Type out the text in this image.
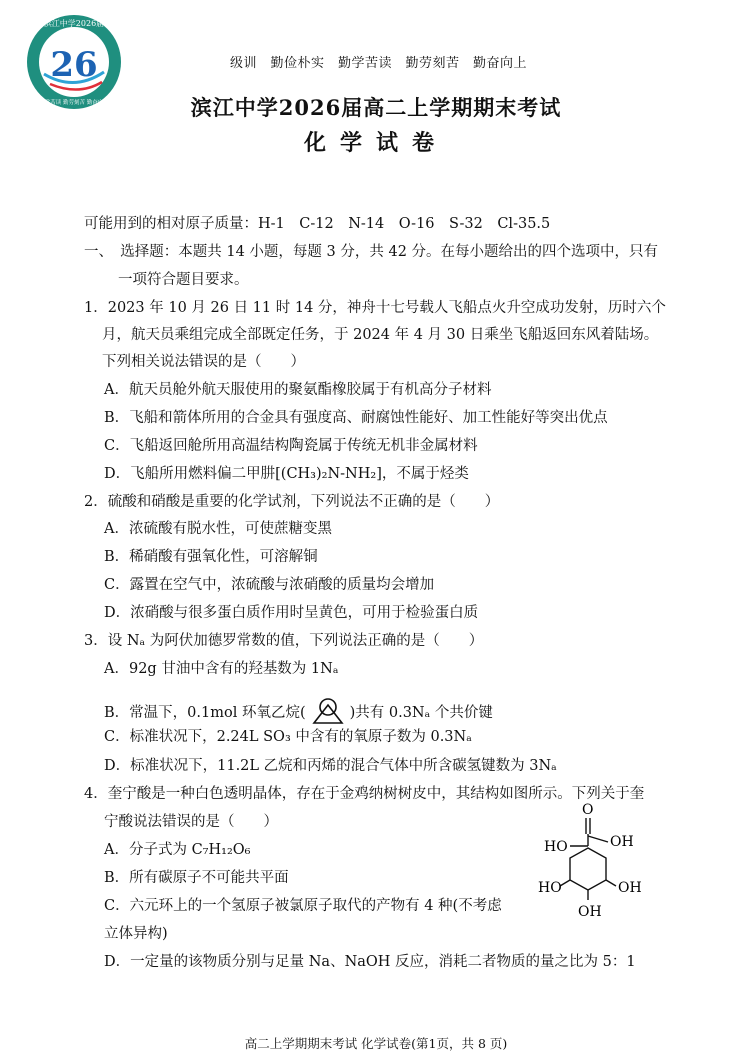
滨江中学2026届
勤学苦读 勤劳刻苦 勤奋向上
26	级训　勤俭朴实　勤学苦读　勤劳刻苦　勤奋向上
滨江中学2026届高二上学期期末考试
化学试卷
可能用到的相对原子质量：H-1　C-12　N-14　O-16　S-32　Cl-35.5
一、　选择题：本题共 14 小题，每题 3 分，共 42 分。在每小题给出的四个选项中，只有
一项符合题目要求。
1．2023 年 10 月 26 日 11 时 14 分，神舟十七号载人飞船点火升空成功发射，历时六个
月，航天员乘组完成全部既定任务，于 2024 年 4 月 30 日乘坐飞船返回东风着陆场。
下列相关说法错误的是（　　）
A．航天员舱外航天服使用的聚氨酯橡胶属于有机高分子材料
B．飞船和箭体所用的合金具有强度高、耐腐蚀性能好、加工性能好等突出优点
C．飞船返回舱所用高温结构陶瓷属于传统无机非金属材料
D．飞船所用燃料偏二甲肼[(CH₃)₂N-NH₂]，不属于烃类
2．硫酸和硝酸是重要的化学试剂，下列说法不正确的是（　　）
A．浓硫酸有脱水性，可使蔗糖变黑
B．稀硝酸有强氧化性，可溶解铜
C．露置在空气中，浓硫酸与浓硝酸的质量均会增加
D．浓硝酸与很多蛋白质作用时呈黄色，可用于检验蛋白质
3．设 Nₐ 为阿伏加德罗常数的值，下列说法正确的是（　　）
A．92g 甘油中含有的羟基数为 1Nₐ
B．常温下，0.1mol 环氧乙烷(	)共有 0.3Nₐ 个共价键
C．标准状况下，2.24L SO₃ 中含有的氧原子数为 0.3Nₐ
D．标准状况下，11.2L 乙烷和丙烯的混合气体中所含碳氢键数为 3Nₐ
4．奎宁酸是一种白色透明晶体，存在于金鸡纳树树皮中，其结构如图所示。下列关于奎
宁酸说法错误的是（　　）
A．分子式为 C₇H₁₂O₆
B．所有碳原子不可能共平面
C．六元环上的一个氢原子被氯原子取代的产物有 4 种(不考虑
立体异构)
D．一定量的该物质分别与足量 Na、NaOH 反应，消耗二者物质的量之比为 5：1
O
OH
HO
OH
HO
OH
高二上学期期末考试 化学试卷(第1页，共 8 页)
